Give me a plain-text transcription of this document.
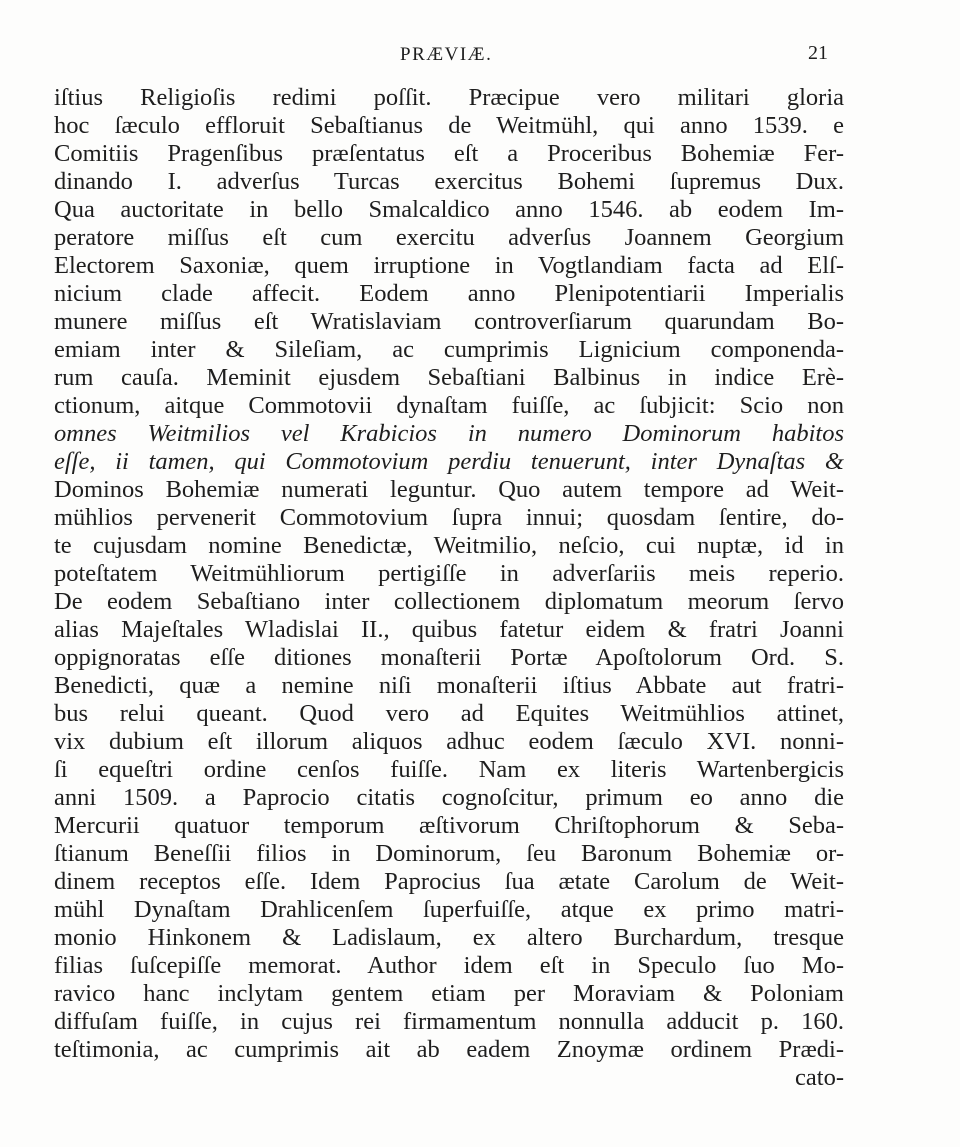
PRÆVIÆ.	21
iſtius Religioſis redimi poſſit. Præcipue vero militari gloria
hoc ſæculo efflоruit Sebaſtianus de Weitmühl, qui anno 1539. e
Comitiis Pragenſibus præſentatus eſt a Proceribus Bohemiæ Fer-
dinando I. adverſus Turcas exercitus Bohemi ſupremus Dux.
Qua auctoritate in bello Smalcaldico anno 1546. ab eodem Im-
peratore miſſus eſt cum exercitu adverſus Joannem Georgium
Electorem Saxoniæ, quem irruptione in Vogtlandiam facta ad Elſ-
nicium clade affecit. Eodem anno Plenipotentiarii Imperialis
munere miſſus eſt Wratislaviam controverſiarum quarundam Bo-
emiam inter & Sileſiam, ac cumprimis Lignicium componenda-
rum cauſa. Meminit ejusdem Sebaſtiani Balbinus in indice Erè-
ctionum, aitque Commotovii dynaſtam fuiſſe, ac ſubjicit: Scio non
omnes Weitmilios vel Krabicios in numero Dominorum habitos
eſſe, ii tamen, qui Commotovium perdiu tenuerunt, inter Dynaſtas &
Dominos Bohemiæ numerati leguntur. Quo autem tempore ad Weit-
mühlios pervenerit Commotovium ſupra innui; quosdam ſentire, do-
te cujusdam nomine Benedictæ, Weitmilio, neſcio, cui nuptæ, id in
poteſtatem Weitmühliorum pertigiſſe in adverſariis meis reperio.
De eodem Sebaſtiano inter collectionem diplomatum meorum ſervo
alias Majeſtales Wladislai II., quibus fatetur eidem & fratri Joanni
oppignoratas eſſe ditiones monaſterii Portæ Apoſtolorum Ord. S.
Benedicti, quæ a nemine niſi monaſterii iſtius Abbate aut fratri-
bus relui queant. Quod vero ad Equites Weitmühlios attinet,
vix dubium eſt illorum aliquos adhuc eodem ſæculo XVI. nonni-
ſi equeſtri ordine cenſos fuiſſe. Nam ex literis Wartenbergicis
anni 1509. a Paprocio citatis cognoſcitur, primum eo anno die
Mercurii quatuor temporum æſtivorum Chriſtophorum & Seba-
ſtianum Beneſſii filios in Dominorum, ſeu Baronum Bohemiæ or-
dinem receptos eſſe. Idem Paprocius ſua ætate Carolum de Weit-
mühl Dynaſtam Drahlicenſem ſuperfuiſſe, atque ex primo matri-
monio Hinkonem & Ladislaum, ex altero Burchardum, tresque
filias ſuſcepiſſe memorat. Author idem eſt in Speculo ſuo Mo-
ravico hanc inclytam gentem etiam per Moraviam & Poloniam
diffuſam fuiſſe, in cujus rei firmamentum nonnulla adducit p. 160.
teſtimonia, ac cumprimis ait ab eadem Znoymæ ordinem Prædi-
cato-
